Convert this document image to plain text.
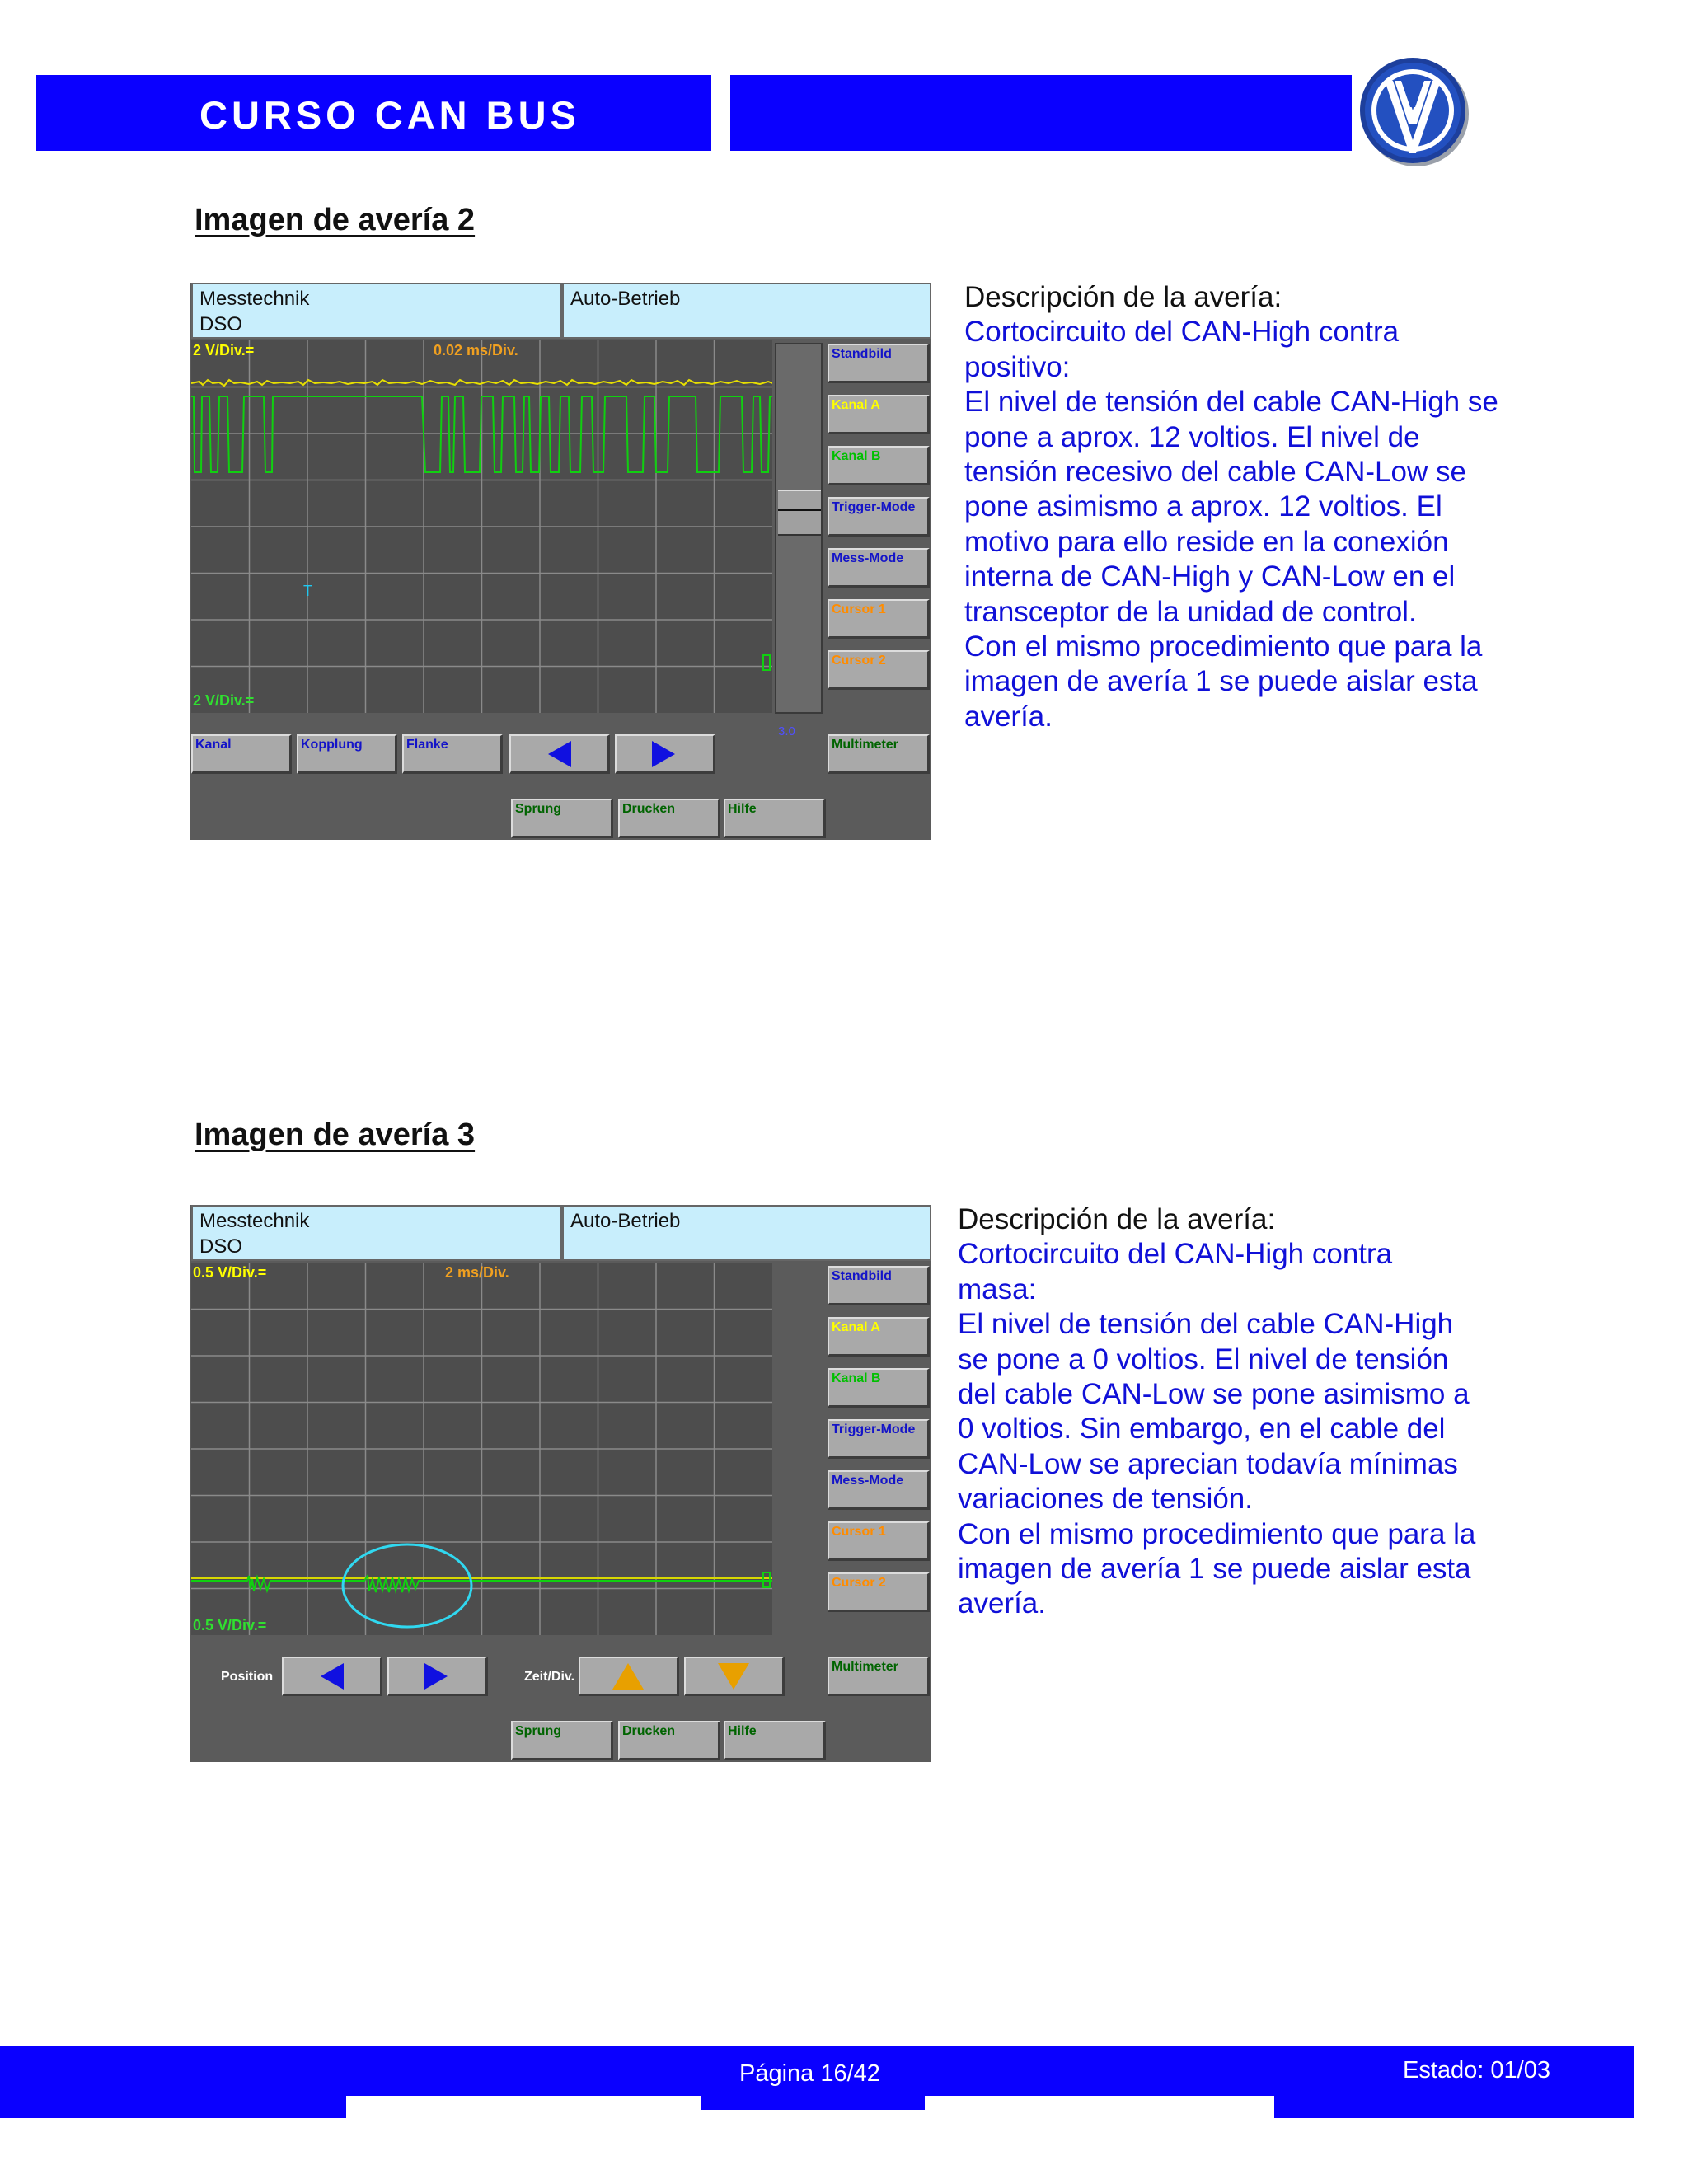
CURSO CAN BUS
Imagen de avería 2
Messtechnik
DSO
Auto-Betrieb
T
2 V/Div.=	0.02 ms/Div.
2 V/Div.=
3.0
Standbild
Kanal A
Kanal B
Trigger-Mode
Mess-Mode
Cursor 1
Cursor 2
Multimeter
Kanal	Kopplung	Flanke
Sprung	Drucken	Hilfe
Descripción de la avería:
Cortocircuito del CAN-High contra
positivo:
El nivel de tensión del cable CAN-High se
pone a aprox. 12 voltios. El nivel de
tensión recesivo del cable CAN-Low se
pone asimismo a aprox. 12 voltios. El
motivo para ello reside en la conexión
interna de CAN-High y CAN-Low en el
transceptor de la unidad de control.
Con el mismo procedimiento que para la
imagen de avería 1 se puede aislar esta
avería.
Imagen de avería 3
Messtechnik
DSO
Auto-Betrieb
0.5 V/Div.=	2 ms/Div.
0.5 V/Div.=
Standbild
Kanal A
Kanal B
Trigger-Mode
Mess-Mode
Cursor 1
Cursor 2
Multimeter
Position	Zeit/Div.
Sprung	Drucken	Hilfe
Descripción de la avería:
Cortocircuito del CAN-High contra
masa:
El nivel de tensión del cable CAN-High
se pone a 0 voltios. El nivel de tensión
del cable CAN-Low se pone asimismo a
0 voltios. Sin embargo, en el cable del
CAN-Low se aprecian todavía mínimas
variaciones de tensión.
Con el mismo procedimiento que para la
imagen de avería 1 se puede aislar esta
avería.
Página 16/42	Estado: 01/03
